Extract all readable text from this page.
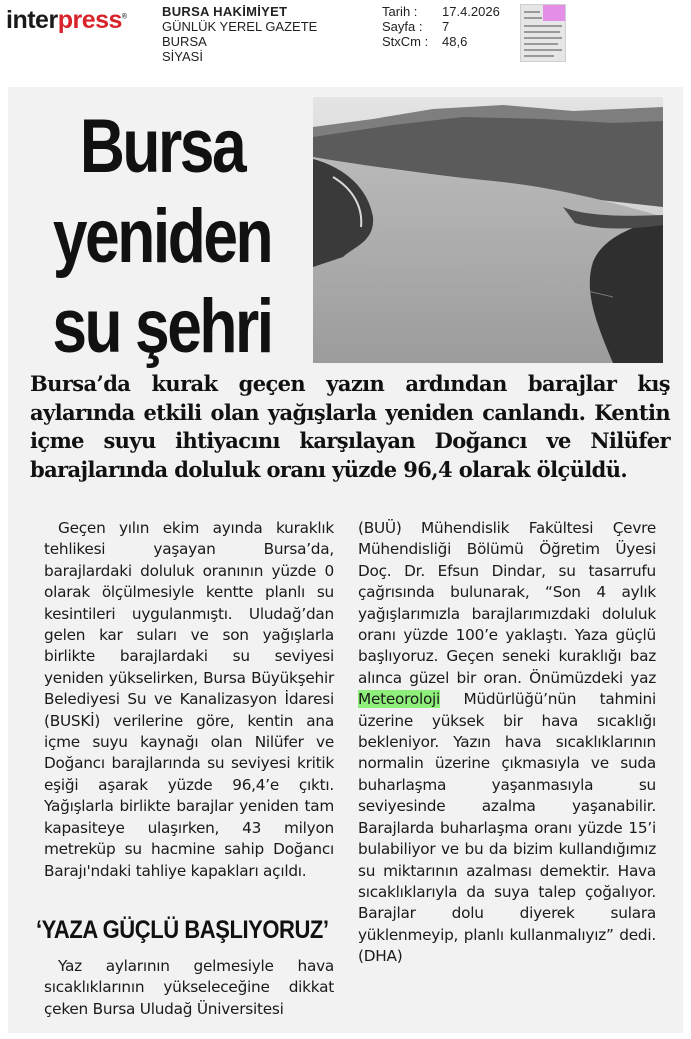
interpress®	BURSA HAKİMİYET
GÜNLÜK YEREL GAZETE
BURSA
SİYASİ
Tarih :	17.4.2026
Sayfa :	7
StxCm :	48,6
Bursa
yeniden
su şehri
Bursa’da kurak geçen yazın ardından barajlar kış aylarında etkili olan yağışlarla yeniden canlandı. Kentin içme suyu ihtiyacını karşılayan Doğancı ve Nilüfer barajlarında doluluk oranı yüzde 96,4 olarak ölçüldü.

Geçen yılın ekim ayında kuraklık tehlikesi yaşayan Bursa’da, barajlardaki doluluk oranının yüzde 0 olarak ölçülmesiyle kentte planlı su kesintileri uygulanmıştı. Uludağ’dan gelen kar suları ve son yağışlarla birlikte barajlardaki su seviyesi yeniden yükselirken, Bursa Büyükşehir Belediyesi Su ve Kanalizasyon İdaresi (BUSKİ) verilerine göre, kentin ana içme suyu kaynağı olan Nilüfer ve Doğancı barajlarında su seviyesi kritik eşiği aşarak yüzde 96,4’e çıktı. Yağışlarla birlikte barajlar yeniden tam kapasiteye ulaşırken, 43 milyon metreküp su hacmine sahip Doğancı Barajı'ndaki tahliye kapakları açıldı.

‘YAZA GÜÇLÜ BAŞLIYORUZ’

Yaz aylarının gelmesiyle hava sıcaklıklarının yükseleceğine dikkat çeken Bursa Uludağ Üniversitesi

(BUÜ) Mühendislik Fakültesi Çevre Mühendisliği Bölümü Öğretim Üyesi Doç. Dr. Efsun Dindar, su tasarrufu çağrısında bulunarak, “Son 4 aylık yağışlarımızla barajlarımızdaki doluluk oranı yüzde 100’e yaklaştı. Yaza güçlü başlıyoruz. Geçen seneki kuraklığı baz alınca güzel bir oran. Önümüzdeki yaz Meteoroloji Müdürlüğü’nün tahmini üzerine yüksek bir hava sıcaklığı bekleniyor. Yazın hava sıcaklıklarının normalin üzerine çıkmasıyla ve suda buharlaşma yaşanmasıyla su seviyesinde azalma yaşanabilir. Barajlarda buharlaşma oranı yüzde 15’i bulabiliyor ve bu da bizim kullandığımız su miktarının azalması demektir. Hava sıcaklıklarıyla da suya talep çoğalıyor. Barajlar dolu diyerek sulara yüklenmeyip, planlı kullanmalıyız” dedi. (DHA)
